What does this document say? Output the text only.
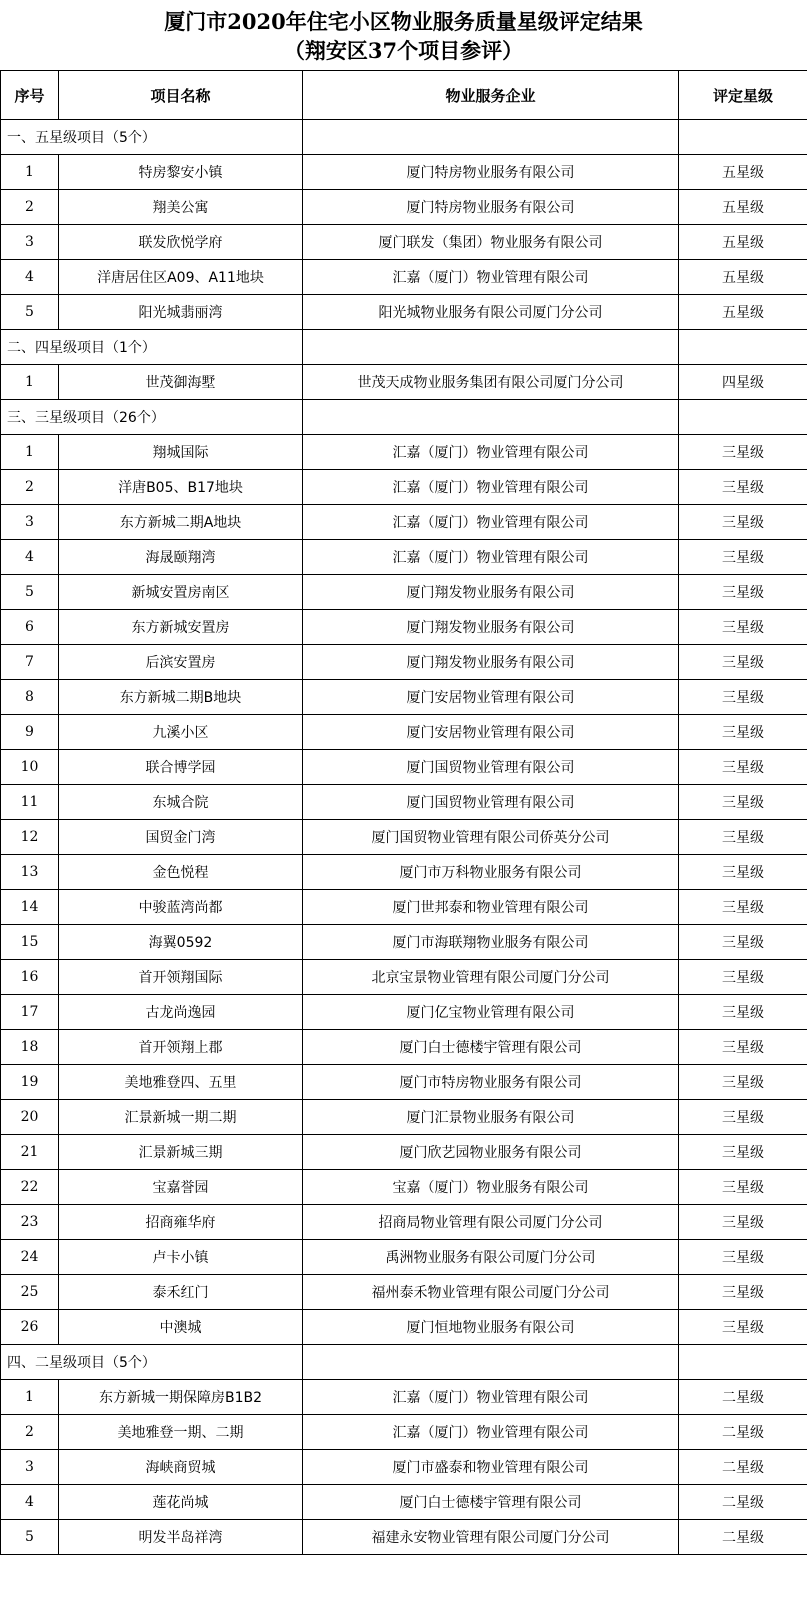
厦门市2020年住宅小区物业服务质量星级评定结果
（翔安区37个项目参评）
序号	项目名称	物业服务企业	评定星级
一、五星级项目（5个）			
1	特房黎安小镇	厦门特房物业服务有限公司	五星级
2	翔美公寓	厦门特房物业服务有限公司	五星级
3	联发欣悦学府	厦门联发（集团）物业服务有限公司	五星级
4	洋唐居住区A09、A11地块	汇嘉（厦门）物业管理有限公司	五星级
5	阳光城翡丽湾	阳光城物业服务有限公司厦门分公司	五星级
二、四星级项目（1个）			
1	世茂御海墅	世茂天成物业服务集团有限公司厦门分公司	四星级
三、三星级项目（26个）			
1	翔城国际	汇嘉（厦门）物业管理有限公司	三星级
2	洋唐B05、B17地块	汇嘉（厦门）物业管理有限公司	三星级
3	东方新城二期A地块	汇嘉（厦门）物业管理有限公司	三星级
4	海晟颐翔湾	汇嘉（厦门）物业管理有限公司	三星级
5	新城安置房南区	厦门翔发物业服务有限公司	三星级
6	东方新城安置房	厦门翔发物业服务有限公司	三星级
7	后滨安置房	厦门翔发物业服务有限公司	三星级
8	东方新城二期B地块	厦门安居物业管理有限公司	三星级
9	九溪小区	厦门安居物业管理有限公司	三星级
10	联合博学园	厦门国贸物业管理有限公司	三星级
11	东城合院	厦门国贸物业管理有限公司	三星级
12	国贸金门湾	厦门国贸物业管理有限公司侨英分公司	三星级
13	金色悦程	厦门市万科物业服务有限公司	三星级
14	中骏蓝湾尚都	厦门世邦泰和物业管理有限公司	三星级
15	海翼0592	厦门市海联翔物业服务有限公司	三星级
16	首开领翔国际	北京宝景物业管理有限公司厦门分公司	三星级
17	古龙尚逸园	厦门亿宝物业管理有限公司	三星级
18	首开领翔上郡	厦门白士德楼宇管理有限公司	三星级
19	美地雅登四、五里	厦门市特房物业服务有限公司	三星级
20	汇景新城一期二期	厦门汇景物业服务有限公司	三星级
21	汇景新城三期	厦门欣艺园物业服务有限公司	三星级
22	宝嘉誉园	宝嘉（厦门）物业服务有限公司	三星级
23	招商雍华府	招商局物业管理有限公司厦门分公司	三星级
24	卢卡小镇	禹洲物业服务有限公司厦门分公司	三星级
25	泰禾红门	福州泰禾物业管理有限公司厦门分公司	三星级
26	中澳城	厦门恒地物业服务有限公司	三星级
四、二星级项目（5个）			
1	东方新城一期保障房B1B2	汇嘉（厦门）物业管理有限公司	二星级
2	美地雅登一期、二期	汇嘉（厦门）物业管理有限公司	二星级
3	海峡商贸城	厦门市盛泰和物业管理有限公司	二星级
4	莲花尚城	厦门白士德楼宇管理有限公司	二星级
5	明发半岛祥湾	福建永安物业管理有限公司厦门分公司	二星级
